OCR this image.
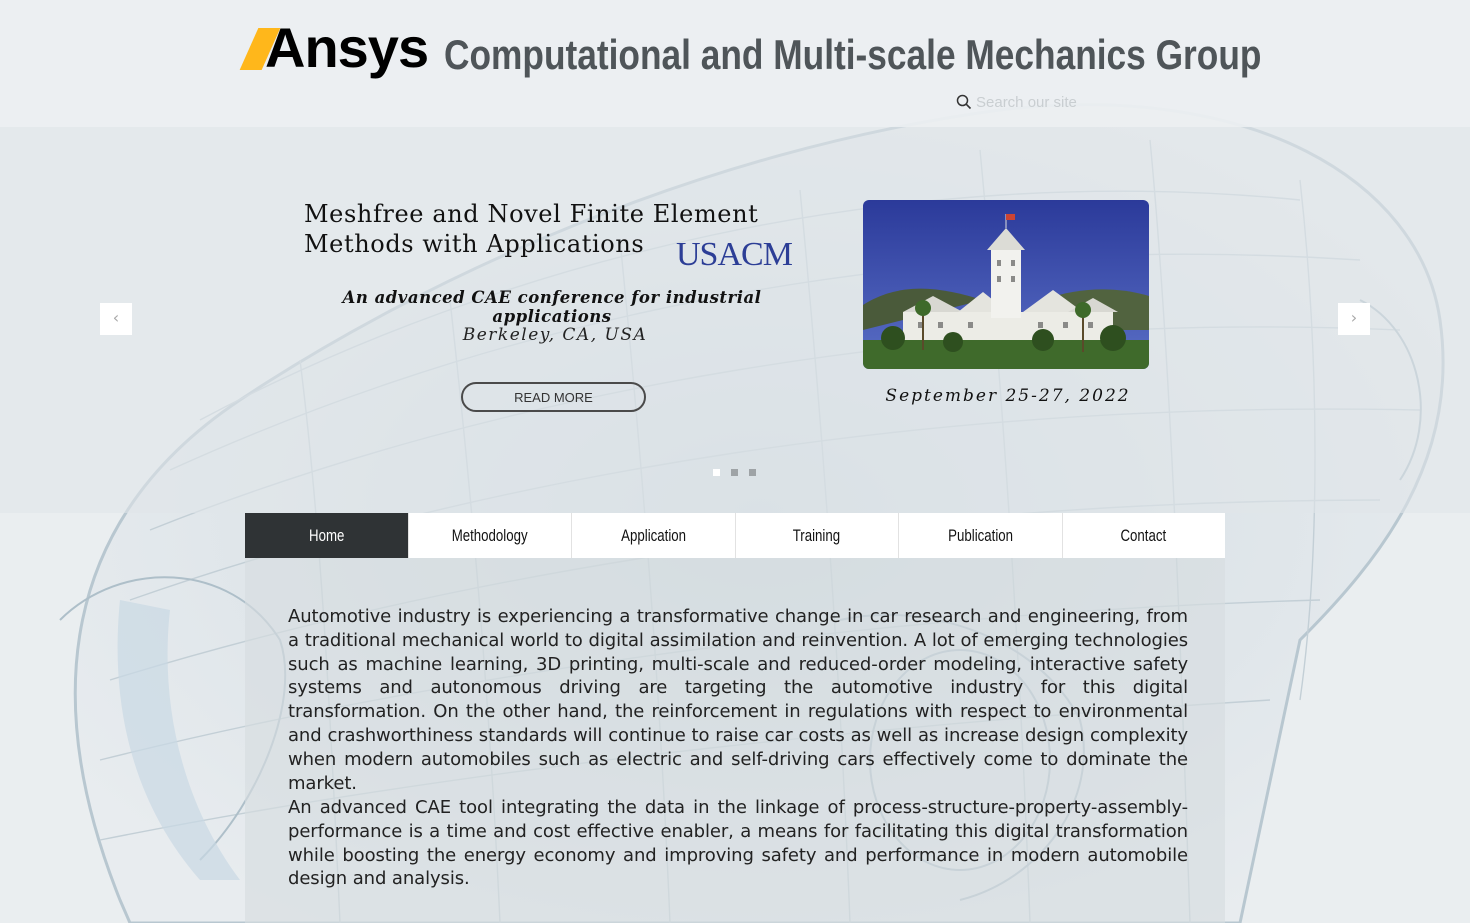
Ansys Computational and Multi-scale Mechanics Group
Search our site
‹	›
Meshfree and Novel Finite Element Methods with Applications USACM
An advanced CAE conference for industrial applications
Berkeley, CA, USA
READ MORE	September 25-27, 2022
Home	Methodology	Application	Training	Publication	Contact

Automotive industry is experiencing a transformative change in car research and engineering, from a traditional mechanical world to digital assimilation and reinvention. A lot of emerging technologies such as machine learning, 3D printing, multi-scale and reduced-order modeling, interactive safety systems and autonomous driving are targeting the automotive industry for this digital transformation. On the other hand, the reinforcement in regulations with respect to environmental and crashworthiness standards will continue to raise car costs as well as increase design complexity when modern automobiles such as electric and self-driving cars effectively come to dominate the market.

An advanced CAE tool integrating the data in the linkage of process-structure-property-assembly-performance is a time and cost effective enabler, a means for facilitating this digital transformation while boosting the energy economy and improving safety and performance in modern automobile design and analysis.
